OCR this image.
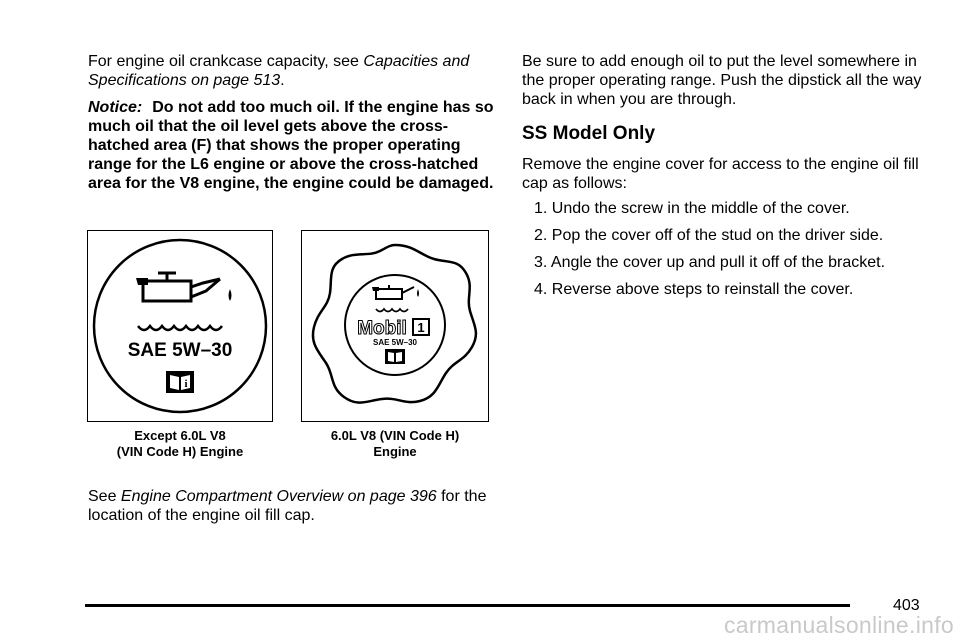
For engine oil crankcase capacity, see Capacities and Specifications on page 513.

Notice: Do not add too much oil. If the engine has so much oil that the oil level gets above the cross-hatched area (F) that shows the proper operating range for the L6 engine or above the cross-hatched area for the V8 engine, the engine could be damaged.

SAE 5W–30
i
Mobil 1
SAE 5W–30
Except 6.0L V8
(VIN Code H) Engine
6.0L V8 (VIN Code H)
Engine

See Engine Compartment Overview on page 396 for the location of the engine oil fill cap.

Be sure to add enough oil to put the level somewhere in the proper operating range. Push the dipstick all the way back in when you are through.

SS Model Only

Remove the engine cover for access to the engine oil fill cap as follows:

1. Undo the screw in the middle of the cover.
2. Pop the cover off of the stud on the driver side.
3. Angle the cover up and pull it off of the bracket.
4. Reverse above steps to reinstall the cover.
403
carmanualsonline.info
